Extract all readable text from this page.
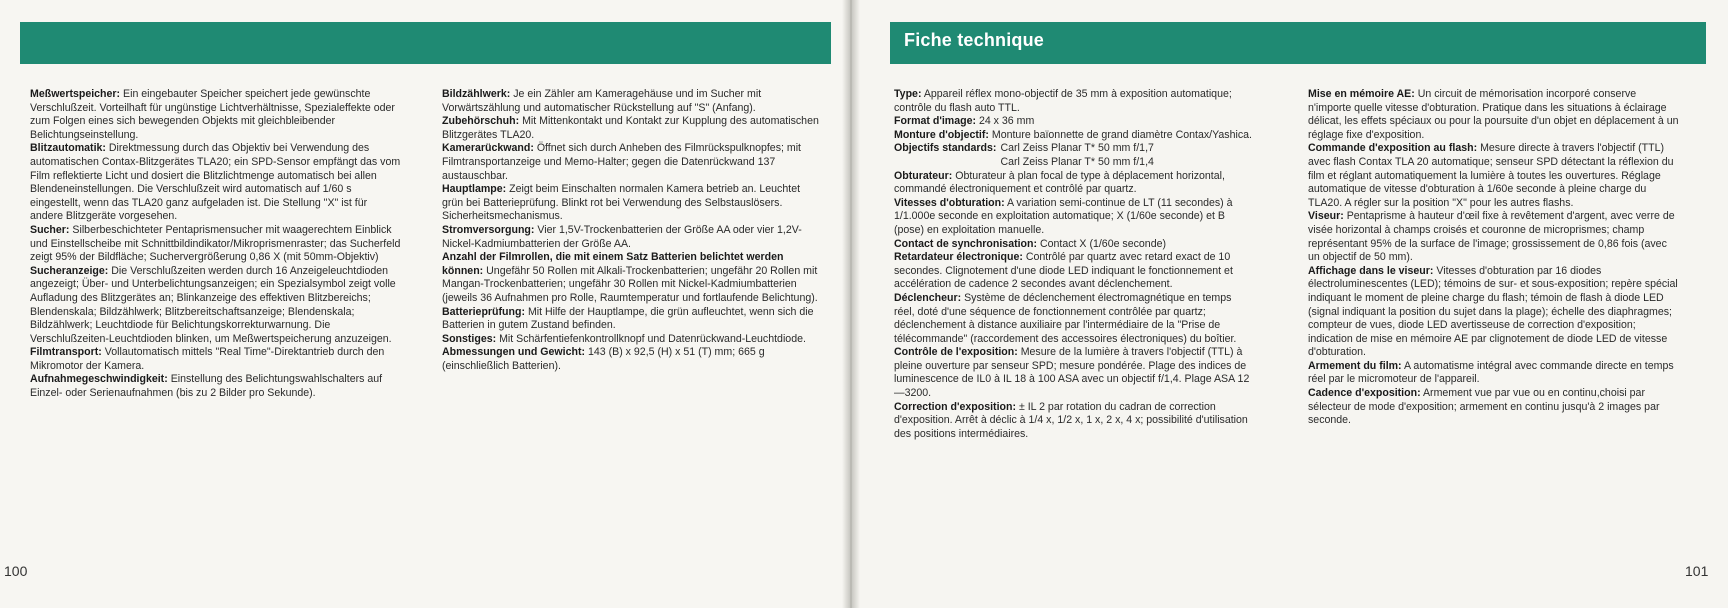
Meßwertspeicher: Ein eingebauter Speicher speichert jede gewünschte Verschlußzeit. Vorteilhaft für ungünstige Lichtverhältnisse, Spezialeffekte oder zum Folgen eines sich bewegenden Objekts mit gleichbleibender Belichtungseinstellung.

Blitzautomatik: Direktmessung durch das Objektiv bei Verwendung des automatischen Contax-Blitzgerätes TLA20; ein SPD-Sensor empfängt das vom Film reflektierte Licht und dosiert die Blitzlichtmenge automatisch bei allen Blendeneinstellungen. Die Verschlußzeit wird automatisch auf 1/60 s eingestellt, wenn das TLA20 ganz aufgeladen ist. Die Stellung "X" ist für andere Blitzgeräte vorgesehen.

Sucher: Silberbeschichteter Pentaprismensucher mit waagerechtem Einblick und Einstellscheibe mit Schnittbildindikator/Mikroprismenraster; das Sucherfeld zeigt 95% der Bildfläche; Suchervergrößerung 0,86 X (mit 50mm-Objektiv)

Sucheranzeige: Die Verschlußzeiten werden durch 16 Anzeigeleuchtdioden angezeigt; Über- und Unterbelichtungsanzeigen; ein Spezialsymbol zeigt volle Aufladung des Blitzgerätes an; Blinkanzeige des effektiven Blitzbereichs; Blendenskala; Bildzählwerk; Blitzbereitschaftsanzeige; Blendenskala; Bildzählwerk; Leuchtdiode für Belichtungskorrekturwarnung. Die Verschlußzeiten-Leuchtdioden blinken, um Meßwertspeicherung anzuzeigen.

Filmtransport: Vollautomatisch mittels "Real Time"-Direktantrieb durch den Mikromotor der Kamera.

Aufnahmegeschwindigkeit: Einstellung des Belichtungswahlschalters auf Einzel- oder Serienaufnahmen (bis zu 2 Bilder pro Sekunde).

Bildzählwerk: Je ein Zähler am Kameragehäuse und im Sucher mit Vorwärtszählung und automatischer Rückstellung auf "S" (Anfang).

Zubehörschuh: Mit Mittenkontakt und Kontakt zur Kupplung des automatischen Blitzgerätes TLA20.

Kamerarückwand: Öffnet sich durch Anheben des Filmrückspulknopfes; mit Filmtransportanzeige und Memo-Halter; gegen die Datenrückwand 137 austauschbar.

Hauptlampe: Zeigt beim Einschalten normalen Kamera betrieb an. Leuchtet grün bei Batterieprüfung. Blinkt rot bei Verwendung des Selbstauslösers. Sicherheitsmechanismus.

Stromversorgung: Vier 1,5V-Trockenbatterien der Größe AA oder vier 1,2V-Nickel-Kadmiumbatterien der Größe AA.

Anzahl der Filmrollen, die mit einem Satz Batterien belichtet werden können: Ungefähr 50 Rollen mit Alkali-Trockenbatterien; ungefähr 20 Rollen mit Mangan-Trockenbatterien; ungefähr 30 Rollen mit Nickel-Kadmiumbatterien (jeweils 36 Aufnahmen pro Rolle, Raumtemperatur und fortlaufende Belichtung).

Batterieprüfung: Mit Hilfe der Hauptlampe, die grün aufleuchtet, wenn sich die Batterien in gutem Zustand befinden.

Sonstiges: Mit Schärfentiefenkontrollknopf und Datenrückwand-Leuchtdiode.

Abmessungen und Gewicht: 143 (B) x 92,5 (H) x 51 (T) mm; 665 g (einschließlich Batterien).

100
Fiche technique

Type: Appareil réflex mono-objectif de 35 mm à exposition automatique; contrôle du flash auto TTL.

Format d'image: 24 x 36 mm

Monture d'objectif: Monture baïonnette de grand diamètre Contax/Yashica.

Objectifs standards: Carl Zeiss Planar T* 50 mm f/1,7
Carl Zeiss Planar T* 50 mm f/1,4

Obturateur: Obturateur à plan focal de type à déplacement horizontal, commandé électroniquement et contrôlé par quartz.

Vitesses d'obturation: A variation semi-continue de LT (11 secondes) à 1/1.000e seconde en exploitation automatique; X (1/60e seconde) et B (pose) en exploitation manuelle.

Contact de synchronisation: Contact X (1/60e seconde)

Retardateur électronique: Contrôlé par quartz avec retard exact de 10 secondes. Clignotement d'une diode LED indiquant le fonctionnement et accélération de cadence 2 secondes avant déclenchement.

Déclencheur: Système de déclenchement électromagnétique en temps réel, doté d'une séquence de fonctionnement contrôlée par quartz; déclenchement à distance auxiliaire par l'intermédiaire de la "Prise de télécommande" (raccordement des accessoires électroniques) du boîtier.

Contrôle de l'exposition: Mesure de la lumière à travers l'objectif (TTL) à pleine ouverture par senseur SPD; mesure pondérée. Plage des indices de luminescence de IL0 à IL 18 à 100 ASA avec un objectif f/1,4. Plage ASA 12—3200.

Correction d'exposition: ± IL 2 par rotation du cadran de correction d'exposition. Arrêt à déclic à 1/4 x, 1/2 x, 1 x, 2 x, 4 x; possibilité d'utilisation des positions intermédiaires.

Mise en mémoire AE: Un circuit de mémorisation incorporé conserve n'importe quelle vitesse d'obturation. Pratique dans les situations à éclairage délicat, les effets spéciaux ou pour la poursuite d'un objet en déplacement à un réglage fixe d'exposition.

Commande d'exposition au flash: Mesure directe à travers l'objectif (TTL) avec flash Contax TLA 20 automatique; senseur SPD détectant la réflexion du film et réglant automatiquement la lumière à toutes les ouvertures. Réglage automatique de vitesse d'obturation à 1/60e seconde à pleine charge du TLA20. A régler sur la position "X" pour les autres flashs.

Viseur: Pentaprisme à hauteur d'œil fixe à revêtement d'argent, avec verre de visée horizontal à champs croisés et couronne de microprismes; champ représentant 95% de la surface de l'image; grossissement de 0,86 fois (avec un objectif de 50 mm).

Affichage dans le viseur: Vitesses d'obturation par 16 diodes électroluminescentes (LED); témoins de sur- et sous-exposition; repère spécial indiquant le moment de pleine charge du flash; témoin de flash à diode LED (signal indiquant la position du sujet dans la plage); échelle des diaphragmes; compteur de vues, diode LED avertisseuse de correction d'exposition; indication de mise en mémoire AE par clignotement de diode LED de vitesse d'obturation.

Armement du film: A automatisme intégral avec commande directe en temps réel par le micromoteur de l'appareil.

Cadence d'exposition: Armement vue par vue ou en continu,choisi par sélecteur de mode d'exposition; armement en continu jusqu'à 2 images par seconde.

101
